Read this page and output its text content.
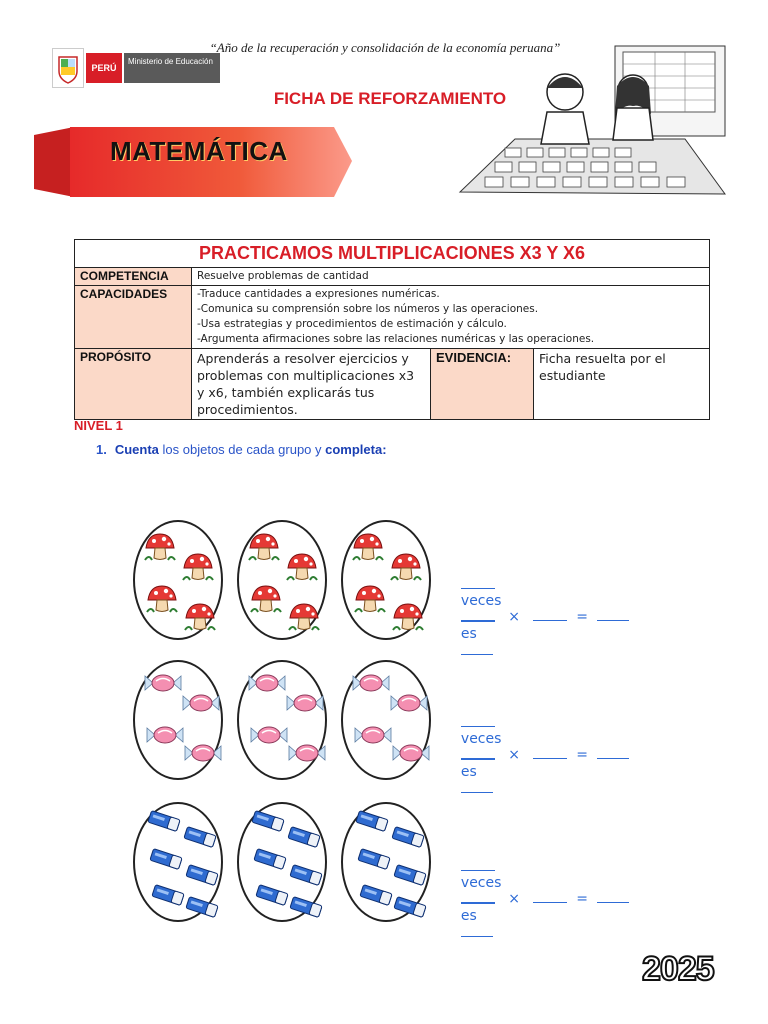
PERÚ
Ministerio de Educación
“Año de la recuperación y consolidación de la economía peruana”
FICHA DE REFORZAMIENTO
MATEMÁTICA
PRACTICAMOS MULTIPLICACIONES X3 Y X6			
COMPETENCIA	Resuelve problemas de cantidad		
CAPACIDADES	-Traduce cantidades a expresiones numéricas.
-Comunica su comprensión sobre los números y las operaciones.
-Usa estrategias y procedimientos de estimación y cálculo.
-Argumenta afirmaciones sobre las relaciones numéricas y las operaciones.		

PROPÓSITO	Aprenderás a resolver ejercicios y problemas con multiplicaciones x3 y x6, también explicarás tus procedimientos.	EVIDENCIA:	Ficha resuelta por el estudiante
NIVEL 1
1. Cuenta los objetos de cada grupo y completa:

veces

es

×	=

veces

es

×	=

veces

es

×	=

2025
